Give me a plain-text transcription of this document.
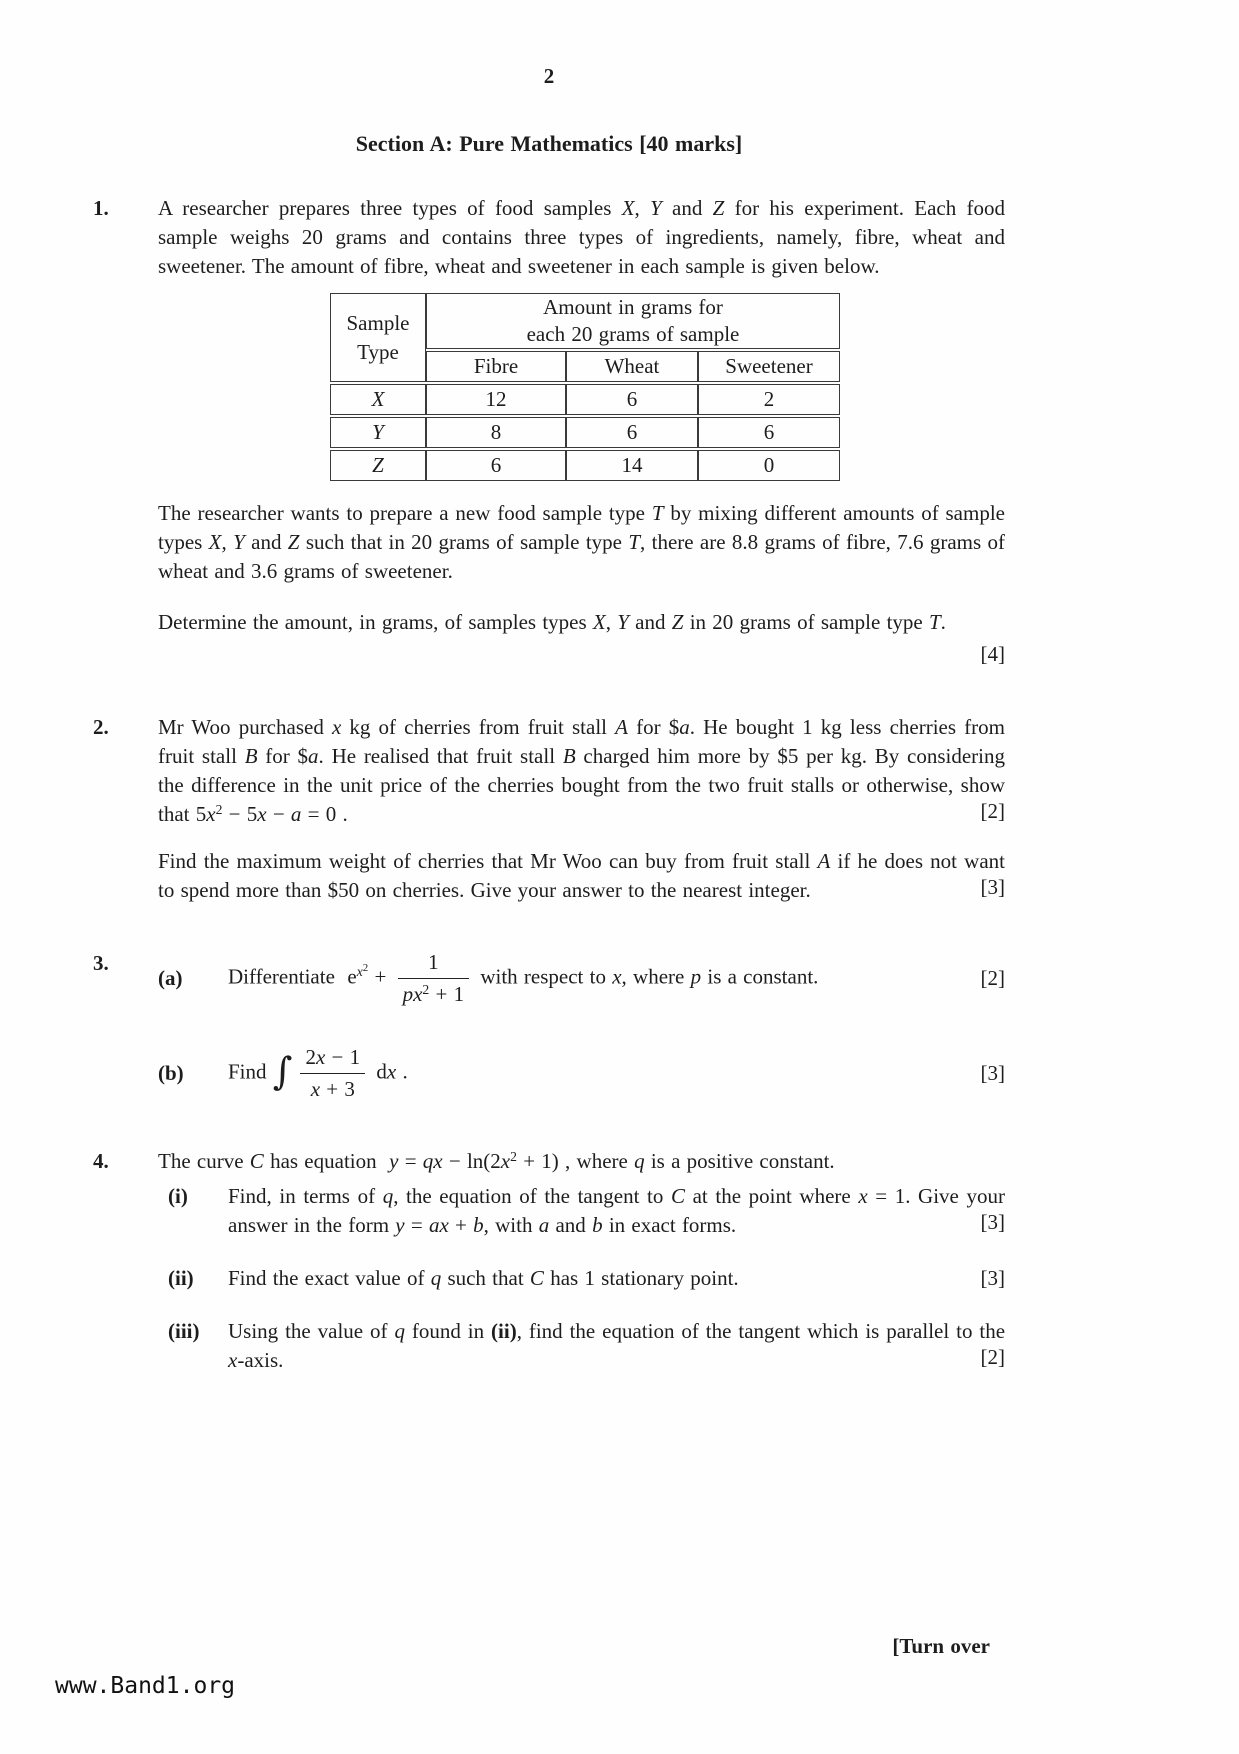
2
Section A: Pure Mathematics [40 marks]
1.	A researcher prepares three types of food samples X, Y and Z for his experiment. Each food sample weighs 20 grams and contains three types of ingredients, namely, fibre, wheat and sweetener. The amount of fibre, wheat and sweetener in each sample is given below.

Sample
Type	Amount in grams for
each 20 grams of sample		
	Fibre	Wheat	Sweetener
X	12	6	2
Y	8	6	6
Z	6	14	0

The researcher wants to prepare a new food sample type T by mixing different amounts of sample types X, Y and Z such that in 20 grams of sample type T, there are 8.8 grams of fibre, 7.6 grams of wheat and 3.6 grams of sweetener.

Determine the amount, in grams, of samples types X, Y and Z in 20 grams of sample type T.

[4]
2.	Mr Woo purchased x kg of cherries from fruit stall A for $a. He bought 1 kg less cherries from fruit stall B for $a. He realised that fruit stall B charged him more by $5 per kg. By considering the difference in the unit price of the cherries bought from the two fruit stalls or otherwise, show that $5x^2 - 5x - a = 0$ .	[2]

Find the maximum weight of cherries that Mr Woo can buy from fruit stall A if he does not want to spend more than $50 on cherries. Give your answer to the nearest integer.	[3]
3.
(a)	Differentiate  $e^{x^2} + \frac{1}{px^2 + 1}$ with respect to x, where p is a constant.	[2]
(b)	Find ∫ $\frac{2x - 1}{x + 3}$ dx .	[3]
4.	The curve C has equation  y = qx − $\ln(2x^2 + 1)$ , where q is a positive constant.

(i)	Find, in terms of q, the equation of the tangent to C at the point where x = 1. Give your answer in the form y = ax + b, with a and b in exact forms.	[3]
(ii)	Find the exact value of q such that C has 1 stationary point.	[3]
(iii)	Using the value of q found in (ii), find the equation of the tangent which is parallel to the x-axis.	[2]
[Turn over
www.Band1.org
